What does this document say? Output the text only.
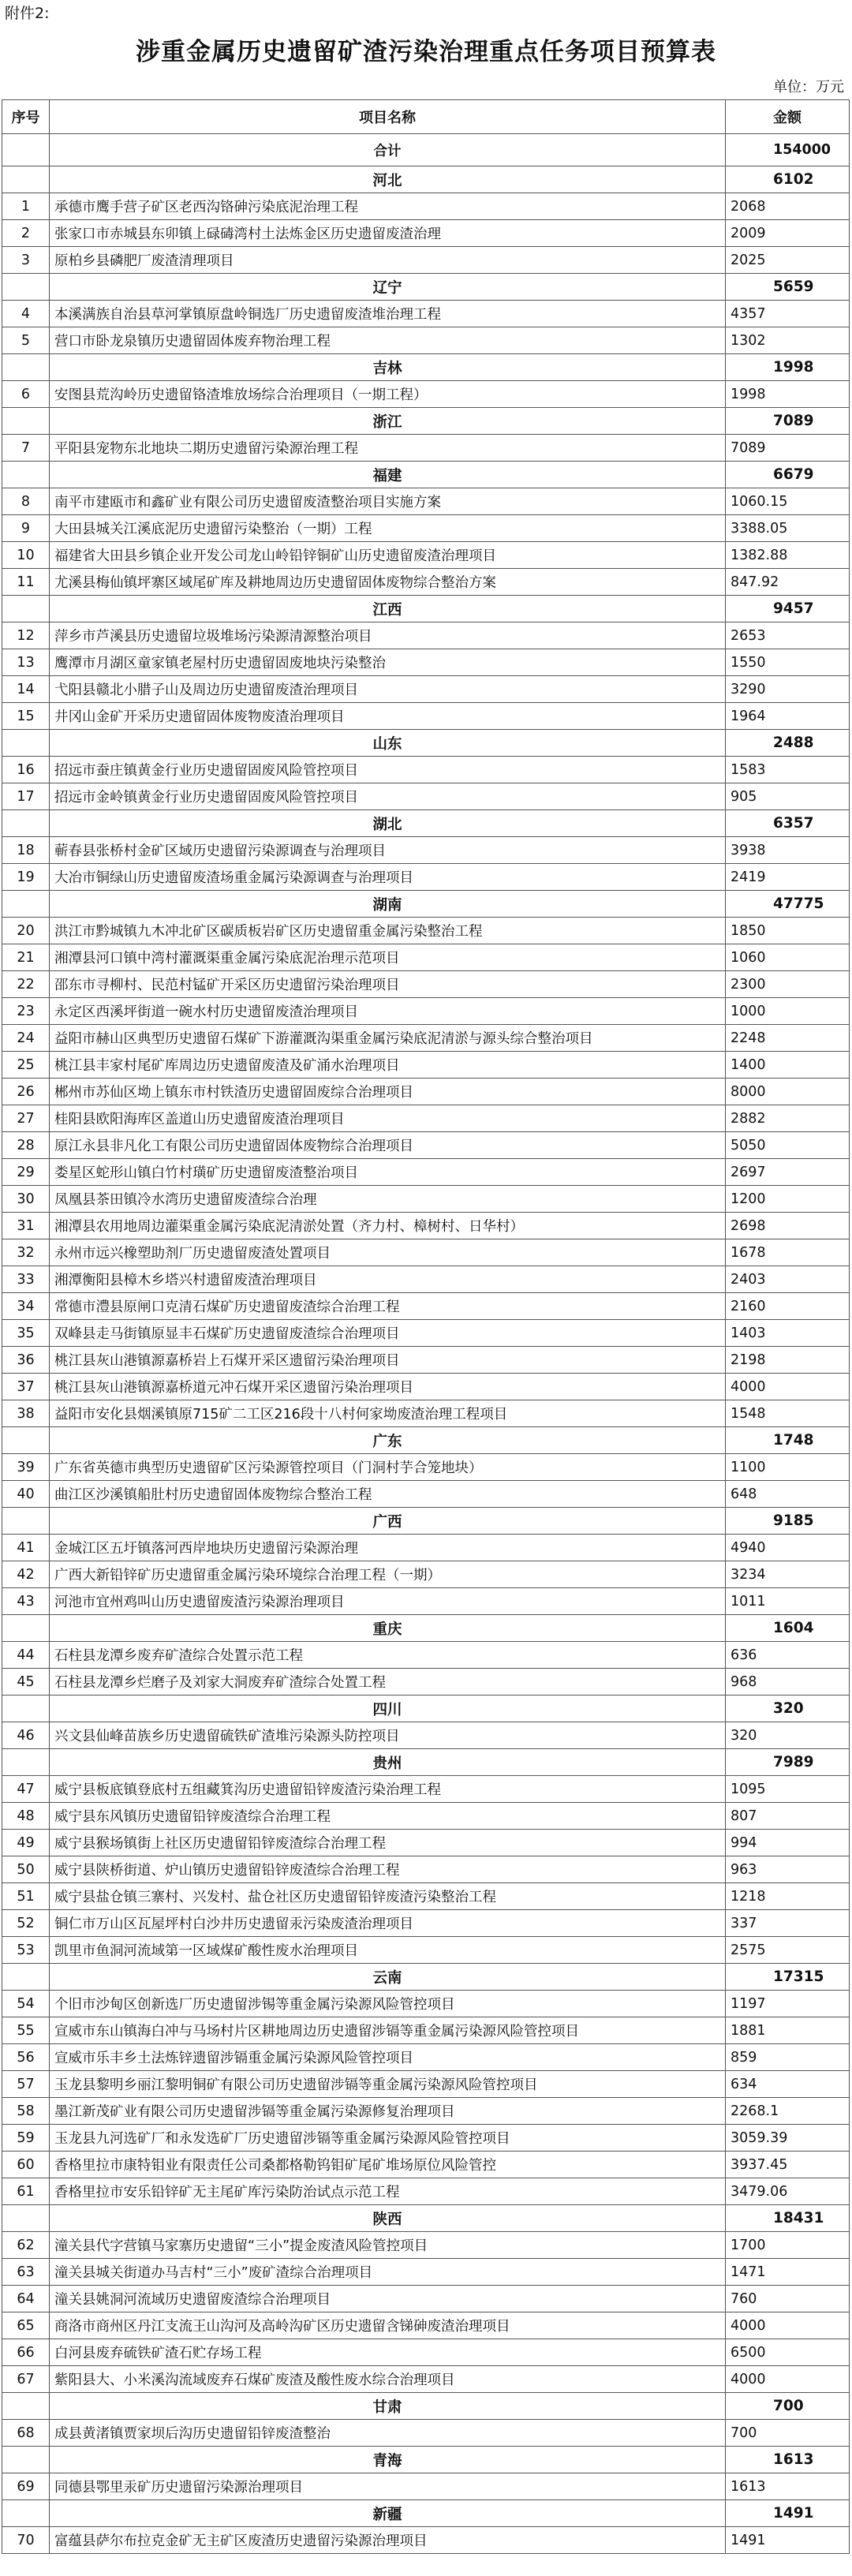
附件2:
涉重金属历史遗留矿渣污染治理重点任务项目预算表
单位：万元
序号	项目名称	金额
	合计	154000
	河北	6102
1	承德市鹰手营子矿区老西沟铬砷污染底泥治理工程	2068
2	张家口市赤城县东卯镇上碌碡湾村土法炼金区历史遗留废渣治理	2009
3	原柏乡县磷肥厂废渣清理项目	2025
	辽宁	5659
4	本溪满族自治县草河掌镇原盘岭铜选厂历史遗留废渣堆治理工程	4357
5	营口市卧龙泉镇历史遗留固体废弃物治理工程	1302
	吉林	1998
6	安图县荒沟岭历史遗留铬渣堆放场综合治理项目（一期工程）	1998
	浙江	7089
7	平阳县宠物东北地块二期历史遗留污染源治理工程	7089
	福建	6679
8	南平市建瓯市和鑫矿业有限公司历史遗留废渣整治项目实施方案	1060.15
9	大田县城关江溪底泥历史遗留污染整治（一期）工程	3388.05
10	福建省大田县乡镇企业开发公司龙山岭铅锌铜矿山历史遗留废渣治理项目	1382.88
11	尤溪县梅仙镇坪寨区域尾矿库及耕地周边历史遗留固体废物综合整治方案	847.92
	江西	9457
12	萍乡市芦溪县历史遗留垃圾堆场污染源清源整治项目	2653
13	鹰潭市月湖区童家镇老屋村历史遗留固废地块污染整治	1550
14	弋阳县赣北小腊子山及周边历史遗留废渣治理项目	3290
15	井冈山金矿开采历史遗留固体废物废渣治理项目	1964
	山东	2488
16	招远市蚕庄镇黄金行业历史遗留固废风险管控项目	1583
17	招远市金岭镇黄金行业历史遗留固废风险管控项目	905
	湖北	6357
18	蕲春县张桥村金矿区域历史遗留污染源调查与治理项目	3938
19	大冶市铜绿山历史遗留废渣场重金属污染源调查与治理项目	2419
	湖南	47775
20	洪江市黔城镇九木冲北矿区碳质板岩矿区历史遗留重金属污染整治工程	1850
21	湘潭县河口镇中湾村灌溉渠重金属污染底泥治理示范项目	1060
22	邵东市寻柳村、民范村锰矿开采区历史遗留污染治理项目	2300
23	永定区西溪坪街道一碗水村历史遗留废渣治理项目	1000
24	益阳市赫山区典型历史遗留石煤矿下游灌溉沟渠重金属污染底泥清淤与源头综合整治项目	2248
25	桃江县丰家村尾矿库周边历史遗留废渣及矿涌水治理项目	1400
26	郴州市苏仙区坳上镇东市村铁渣历史遗留固废综合治理项目	8000
27	桂阳县欧阳海库区盖道山历史遗留废渣治理项目	2882
28	原江永县非凡化工有限公司历史遗留固体废物综合治理项目	5050
29	娄星区蛇形山镇白竹村璜矿历史遗留废渣整治项目	2697
30	凤凰县茶田镇冷水湾历史遗留废渣综合治理	1200
31	湘潭县农用地周边灌渠重金属污染底泥清淤处置（齐力村、樟树村、日华村）	2698
32	永州市远兴橡塑助剂厂历史遗留废渣处置项目	1678
33	湘潭衡阳县樟木乡塔兴村遗留废渣治理项目	2403
34	常德市澧县原闸口克清石煤矿历史遗留废渣综合治理工程	2160
35	双峰县走马街镇原显丰石煤矿历史遗留废渣综合治理项目	1403
36	桃江县灰山港镇源嘉桥岩上石煤开采区遗留污染治理项目	2198
37	桃江县灰山港镇源嘉桥道元冲石煤开采区遗留污染治理项目	4000
38	益阳市安化县烟溪镇原715矿二工区216段十八村何家坳废渣治理工程项目	1548
	广东	1748
39	广东省英德市典型历史遗留矿区污染源管控项目（门洞村芋合笼地块）	1100
40	曲江区沙溪镇船肚村历史遗留固体废物综合整治工程	648
	广西	9185
41	金城江区五圩镇落河西岸地块历史遗留污染源治理	4940
42	广西大新铅锌矿历史遗留重金属污染环境综合治理工程（一期）	3234
43	河池市宜州鸡叫山历史遗留废渣污染源治理项目	1011
	重庆	1604
44	石柱县龙潭乡废弃矿渣综合处置示范工程	636
45	石柱县龙潭乡烂磨子及刘家大洞废弃矿渣综合处置工程	968
	四川	320
46	兴文县仙峰苗族乡历史遗留硫铁矿渣堆污染源头防控项目	320
	贵州	7989
47	威宁县板底镇登底村五组藏箕沟历史遗留铅锌废渣污染治理工程	1095
48	威宁县东风镇历史遗留铅锌废渣综合治理工程	807
49	威宁县猴场镇街上社区历史遗留铅锌废渣综合治理工程	994
50	威宁县陕桥街道、炉山镇历史遗留铅锌废渣综合治理工程	963
51	威宁县盐仓镇三寨村、兴发村、盐仓社区历史遗留铅锌废渣污染整治工程	1218
52	铜仁市万山区瓦屋坪村白沙井历史遗留汞污染废渣治理项目	337
53	凯里市鱼洞河流域第一区域煤矿酸性废水治理项目	2575
	云南	17315
54	个旧市沙甸区创新选厂历史遗留涉锡等重金属污染源风险管控项目	1197
55	宣威市东山镇海白冲与马场村片区耕地周边历史遗留涉镉等重金属污染源风险管控项目	1881
56	宣威市乐丰乡土法炼锌遗留涉镉重金属污染源风险管控项目	859
57	玉龙县黎明乡丽江黎明铜矿有限公司历史遗留涉镉等重金属污染源风险管控项目	634
58	墨江新茂矿业有限公司历史遗留涉镉等重金属污染源修复治理项目	2268.1
59	玉龙县九河选矿厂和永发选矿厂历史遗留涉镉等重金属污染源风险管控项目	3059.39
60	香格里拉市康特钼业有限责任公司桑都格勒钨钼矿尾矿堆场原位风险管控	3937.45
61	香格里拉市安乐铅锌矿无主尾矿库污染防治试点示范工程	3479.06
	陕西	18431
62	潼关县代字营镇马家寨历史遗留“三小”提金废渣风险管控项目	1700
63	潼关县城关街道办马吉村“三小”废矿渣综合治理项目	1471
64	潼关县姚洞河流域历史遗留废渣综合治理项目	760
65	商洛市商州区丹江支流王山沟河及高岭沟矿区历史遗留含锑砷废渣治理项目	4000
66	白河县废弃硫铁矿渣石贮存场工程	6500
67	紫阳县大、小米溪沟流域废弃石煤矿废渣及酸性废水综合治理项目	4000
	甘肃	700
68	成县黄渚镇贾家坝后沟历史遗留铅锌废渣整治	700
	青海	1613
69	同德县鄂里汞矿历史遗留污染源治理项目	1613
	新疆	1491
70	富蕴县萨尔布拉克金矿无主矿区废渣历史遗留污染源治理项目	1491
